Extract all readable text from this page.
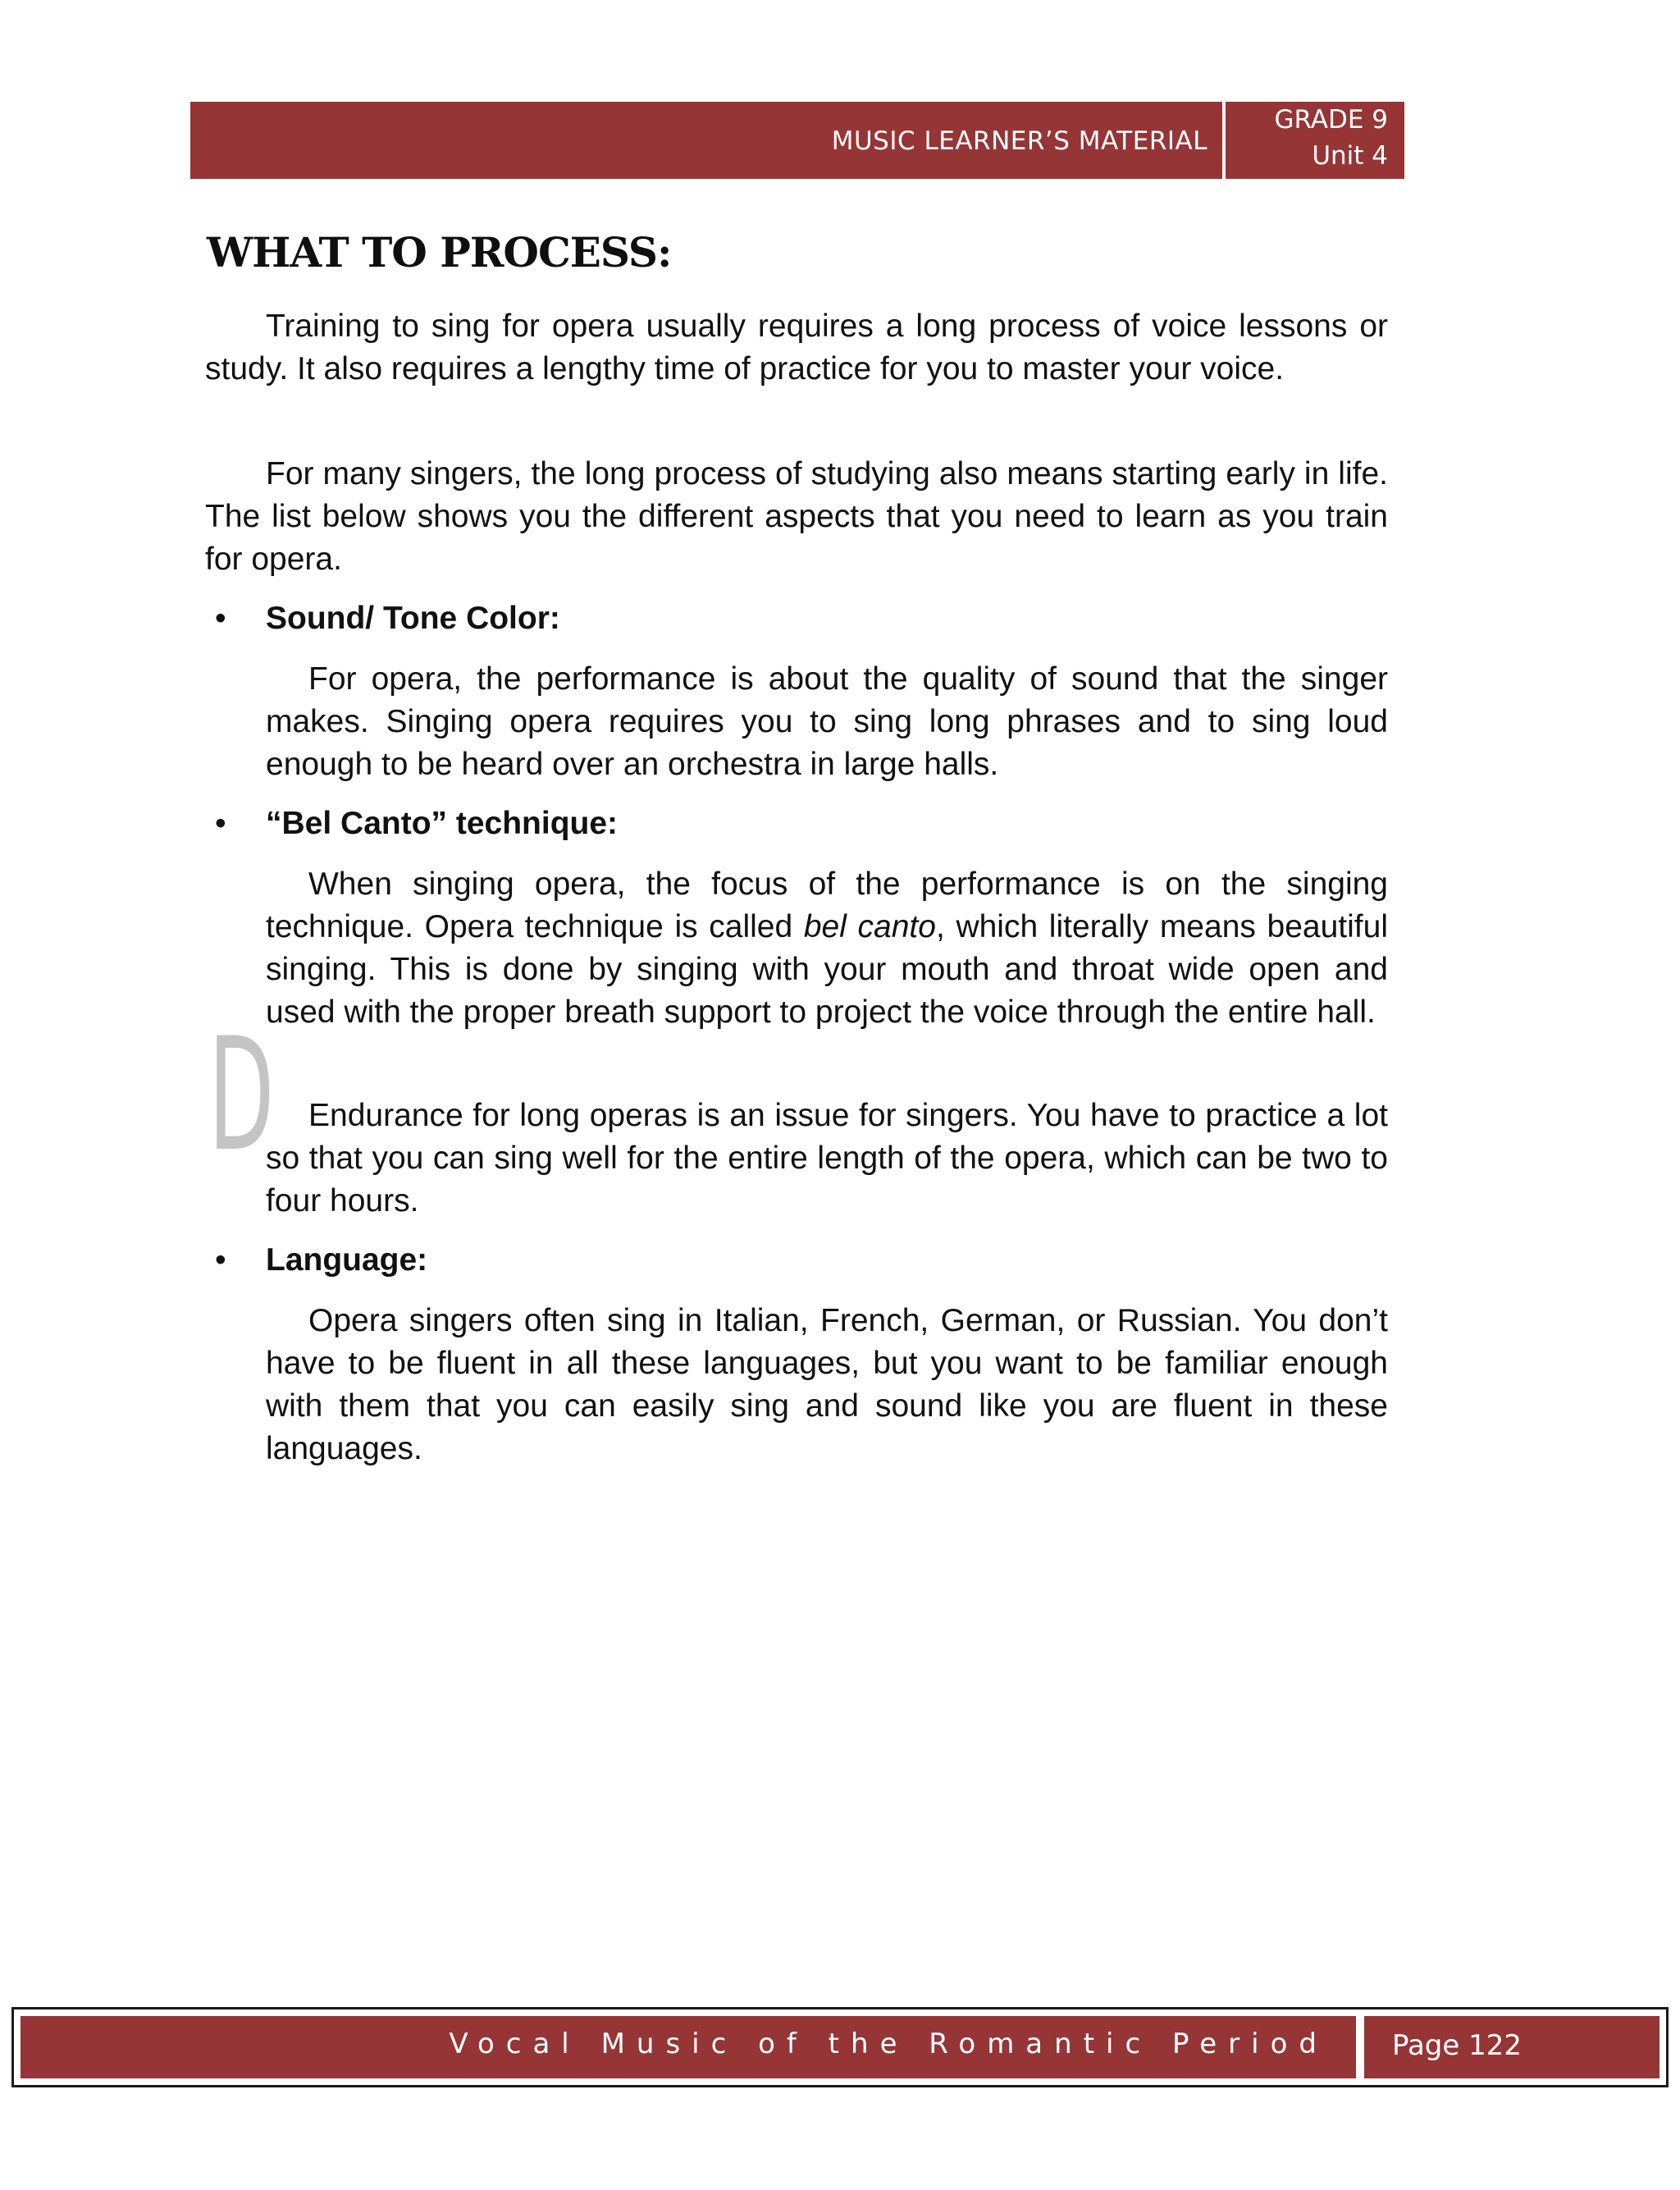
MUSIC LEARNER’S MATERIAL
GRADE 9
Unit 4
WHAT TO PROCESS:
Training to sing for opera usually requires a long process of voice lessons or study. It also requires a lengthy time of practice for you to master your voice.
For many singers, the long process of studying also means starting early in life. The list below shows you the different aspects that you need to learn as you train for opera.
• Sound/ Tone Color:
For opera, the performance is about the quality of sound that the singer makes. Singing opera requires you to sing long phrases and to sing loud enough to be heard over an orchestra in large halls.
• “Bel Canto” technique:
When singing opera, the focus of the performance is on the singing technique. Opera technique is called bel canto, which literally means beautiful singing. This is done by singing with your mouth and throat wide open and used with the proper breath support to project the voice through the entire hall.
Endurance for long operas is an issue for singers. You have to practice a lot so that you can sing well for the entire length of the opera, which can be two to four hours.
D
• Language:
Opera singers often sing in Italian, French, German, or Russian. You don’t have to be fluent in all these languages, but you want to be familiar enough with them that you can easily sing and sound like you are fluent in these languages.
Vocal Music of the Romantic Period Page 122
